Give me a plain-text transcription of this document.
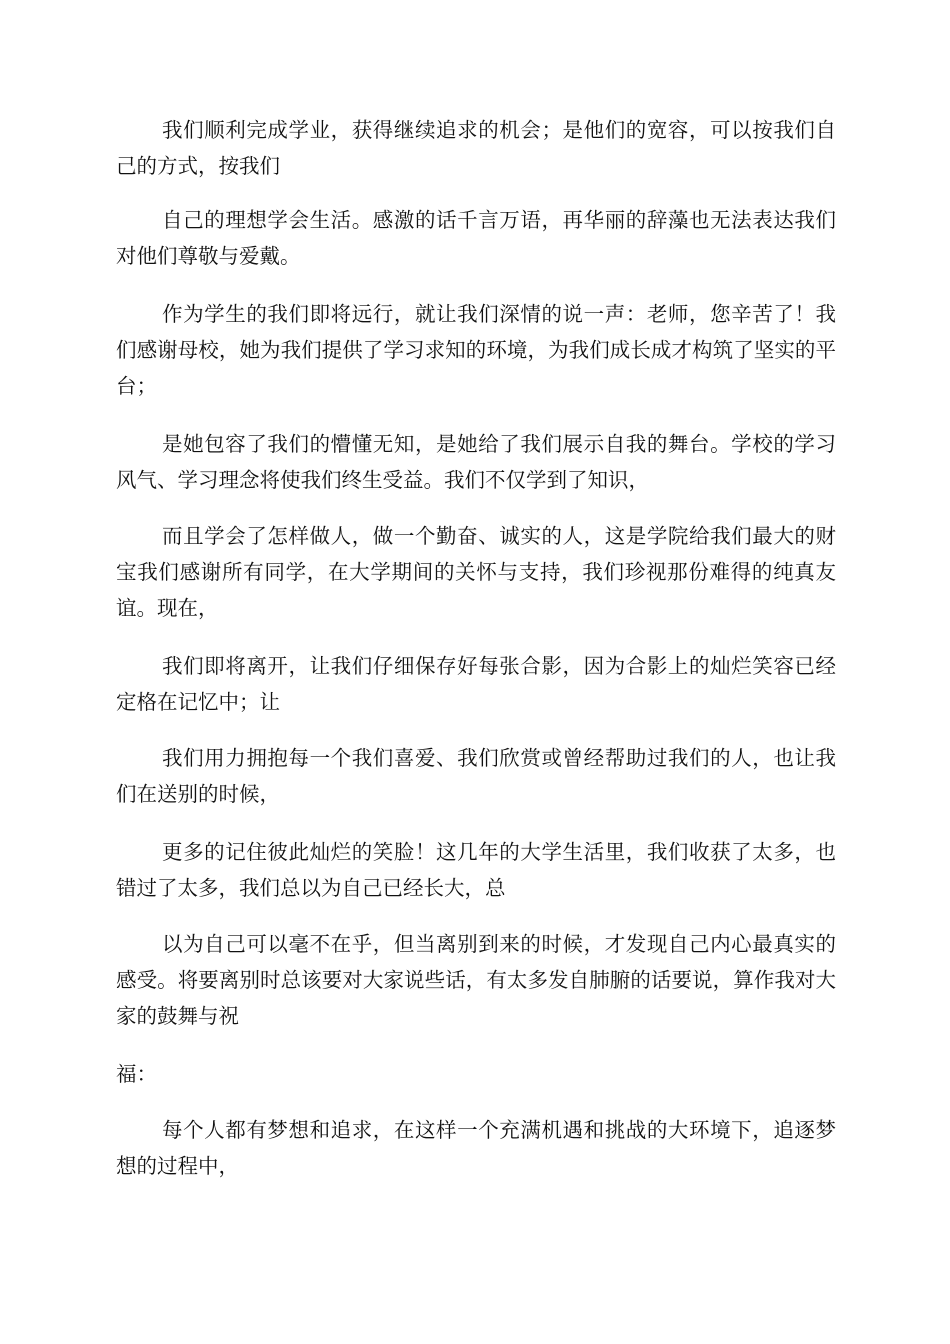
我们顺利完成学业，获得继续追求的机会；是他们的宽容，可以按我们自己的方式，按我们

自己的理想学会生活。感激的话千言万语，再华丽的辞藻也无法表达我们对他们尊敬与爱戴。

作为学生的我们即将远行，就让我们深情的说一声：老师，您辛苦了！我们感谢母校，她为我们提供了学习求知的环境，为我们成长成才构筑了坚实的平台；

是她包容了我们的懵懂无知，是她给了我们展示自我的舞台。学校的学习风气、学习理念将使我们终生受益。我们不仅学到了知识，

而且学会了怎样做人，做一个勤奋、诚实的人，这是学院给我们最大的财宝我们感谢所有同学，在大学期间的关怀与支持，我们珍视那份难得的纯真友谊。现在，

我们即将离开，让我们仔细保存好每张合影，因为合影上的灿烂笑容已经定格在记忆中；让

我们用力拥抱每一个我们喜爱、我们欣赏或曾经帮助过我们的人，也让我们在送别的时候，

更多的记住彼此灿烂的笑脸！这几年的大学生活里，我们收获了太多，也错过了太多，我们总以为自己已经长大，总

以为自己可以毫不在乎，但当离别到来的时候，才发现自己内心最真实的感受。将要离别时总该要对大家说些话，有太多发自肺腑的话要说，算作我对大家的鼓舞与祝

福：

每个人都有梦想和追求，在这样一个充满机遇和挑战的大环境下，追逐梦想的过程中，
